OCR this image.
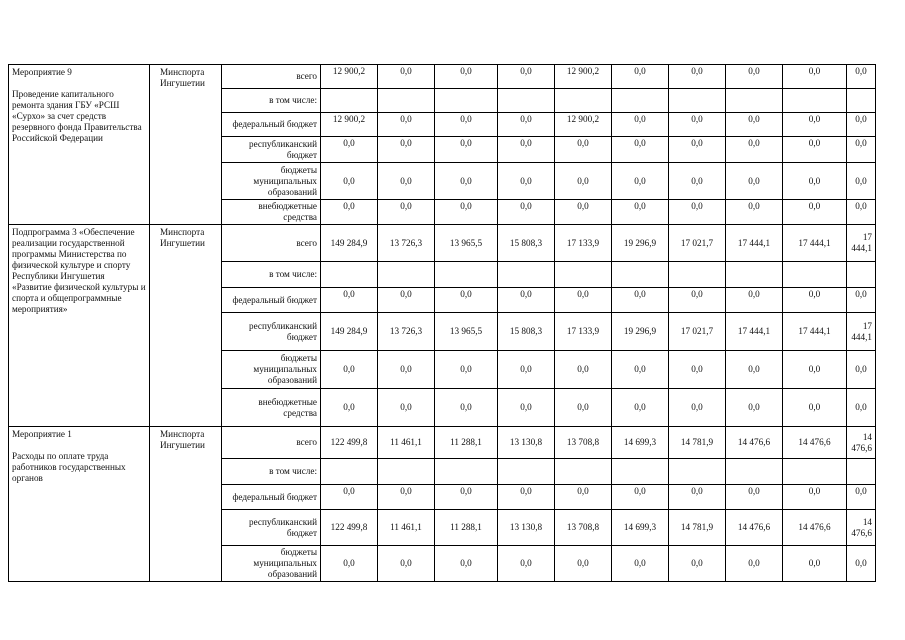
Мероприятие 9
Проведение капитального ремонта здания ГБУ «РСШ «Сурхо» за счет средств резервного фонда Правительства Российской Федерации	Минспорта Ингушетии	всего	12 900,2	0,0	0,0	0,0	12 900,2	0,0	0,0	0,0	0,0	0,0
		в том числе:										
		федеральный бюджет	12 900,2	0,0	0,0	0,0	12 900,2	0,0	0,0	0,0	0,0	0,0
		республиканский бюджет	0,0	0,0	0,0	0,0	0,0	0,0	0,0	0,0	0,0	0,0
		бюджеты муниципальных образований	0,0	0,0	0,0	0,0	0,0	0,0	0,0	0,0	0,0	0,0
		внебюджетные средства	0,0	0,0	0,0	0,0	0,0	0,0	0,0	0,0	0,0	0,0

Подпрограмма 3 «Обеспечение реализации государственной программы Министерства по физической культуре и спорту Республики Ингушетия «Развитие физической культуры и спорта и общепрограммные мероприятия»	Минспорта Ингушетии	всего	149 284,9	13 726,3	13 965,5	15 808,3	17 133,9	19 296,9	17 021,7	17 444,1	17 444,1	17 444,1
		в том числе:										
		федеральный бюджет	0,0	0,0	0,0	0,0	0,0	0,0	0,0	0,0	0,0	0,0
		республиканский бюджет	149 284,9	13 726,3	13 965,5	15 808,3	17 133,9	19 296,9	17 021,7	17 444,1	17 444,1	17 444,1
		бюджеты муниципальных образований	0,0	0,0	0,0	0,0	0,0	0,0	0,0	0,0	0,0	0,0
		внебюджетные средства	0,0	0,0	0,0	0,0	0,0	0,0	0,0	0,0	0,0	0,0

Мероприятие 1
Расходы по оплате труда работников государственных органов	Минспорта Ингушетии	всего	122 499,8	11 461,1	11 288,1	13 130,8	13 708,8	14 699,3	14 781,9	14 476,6	14 476,6	14 476,6
		в том числе:										
		федеральный бюджет	0,0	0,0	0,0	0,0	0,0	0,0	0,0	0,0	0,0	0,0
		республиканский бюджет	122 499,8	11 461,1	11 288,1	13 130,8	13 708,8	14 699,3	14 781,9	14 476,6	14 476,6	14 476,6
		бюджеты муниципальных образований	0,0	0,0	0,0	0,0	0,0	0,0	0,0	0,0	0,0	0,0
